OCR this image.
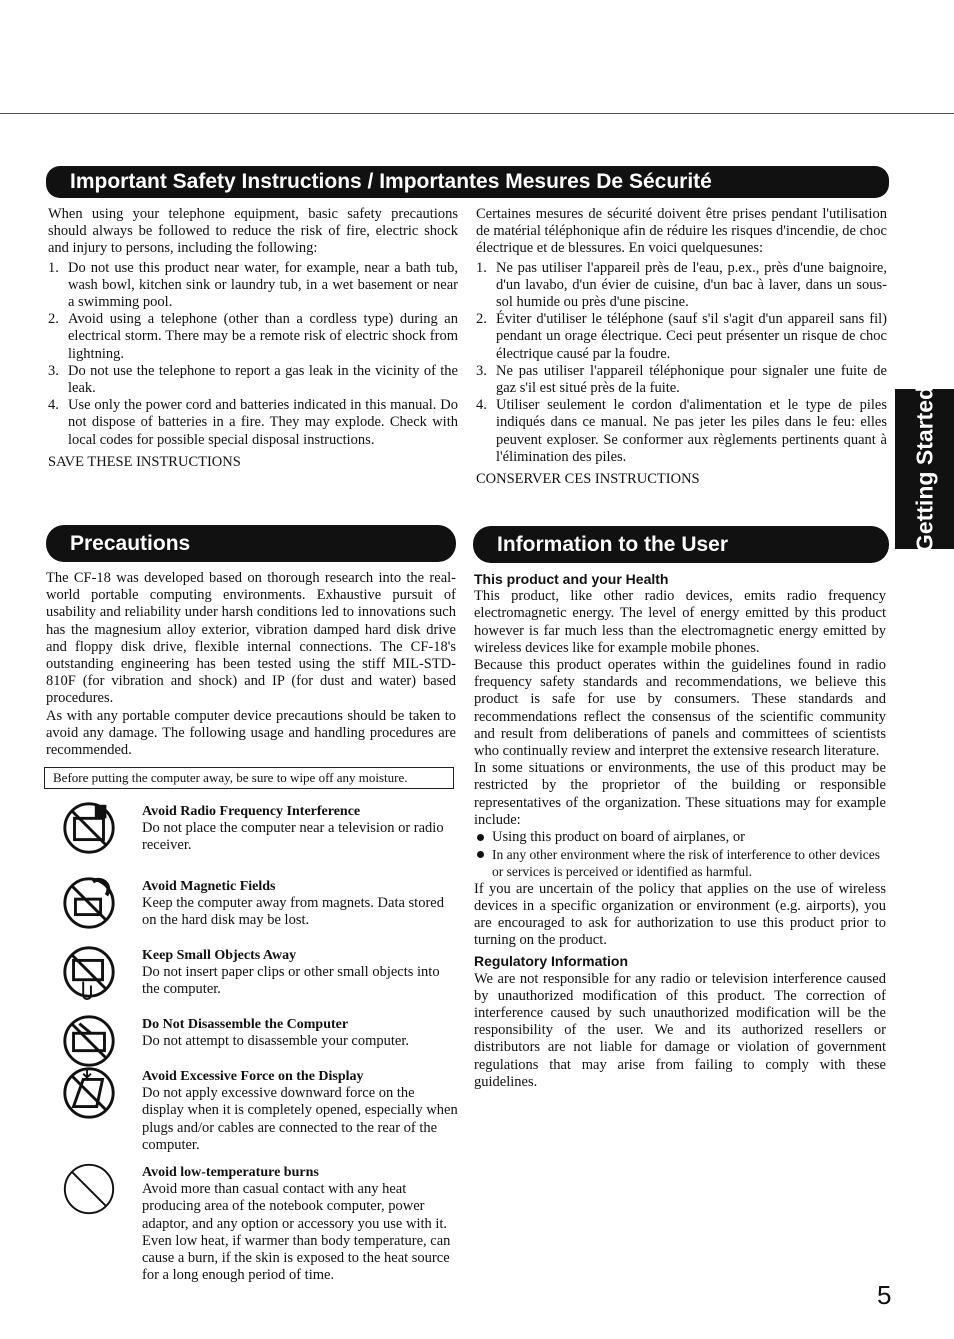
Important Safety Instructions / Importantes Mesures De Sécurité

When using your telephone equipment, basic safety precautions should always be followed to reduce the risk of fire, electric shock and injury to persons, including the following:

1. Do not use this product near water, for example, near a bath tub, wash bowl, kitchen sink or laundry tub, in a wet basement or near a swimming pool.
2. Avoid using a telephone (other than a cordless type) during an electrical storm. There may be a remote risk of electric shock from lightning.
3. Do not use the telephone to report a gas leak in the vicinity of the leak.
4. Use only the power cord and batteries indicated in this manual. Do not dispose of batteries in a fire. They may explode. Check with local codes for possible special disposal instructions.

SAVE THESE INSTRUCTIONS

Certaines mesures de sécurité doivent être prises pendant l'utilisation de matérial téléphonique afin de réduire les risques d'incendie, de choc électrique et de blessures. En voici quelquesunes:

1. Ne pas utiliser l'appareil près de l'eau, p.ex., près d'une baignoire, d'un lavabo, d'un évier de cuisine, d'un bac à laver, dans un sous-sol humide ou près d'une piscine.
2. Éviter d'utiliser le téléphone (sauf s'il s'agit d'un appareil sans fil) pendant un orage électrique. Ceci peut présenter un risque de choc électrique causé par la foudre.
3. Ne pas utiliser l'appareil téléphonique pour signaler une fuite de gaz s'il est situé près de la fuite.
4. Utiliser seulement le cordon d'alimentation et le type de piles indiqués dans ce manual. Ne pas jeter les piles dans le feu: elles peuvent exploser. Se conformer aux règlements pertinents quant à l'élimination des piles.

CONSERVER CES INSTRUCTIONS

Precautions

The CF-18 was developed based on thorough research into the real-world portable computing environments. Exhaustive pursuit of usability and reliability under harsh conditions led to innovations such has the magnesium alloy exterior, vibration damped hard disk drive and floppy disk drive, flexible internal connections. The CF-18's outstanding engineering has been tested using the stiff MIL-STD- 810F (for vibration and shock) and IP (for dust and water) based procedures.

As with any portable computer device precautions should be taken to avoid any damage. The following usage and handling procedures are recommended.

Before putting the computer away, be sure to wipe off any moisture.
Avoid Radio Frequency Interference
Do not place the computer near a television or radio receiver.
Avoid Magnetic Fields
Keep the computer away from magnets. Data stored on the hard disk may be lost.
Keep Small Objects Away
Do not insert paper clips or other small objects into the computer.
Do Not Disassemble the Computer
Do not attempt to disassemble your computer.
Avoid Excessive Force on the Display
Do not apply excessive downward force on the display when it is completely opened, especially when plugs and/or cables are connected to the rear of the computer.
Avoid low-temperature burns
Avoid more than casual contact with any heat producing area of the notebook computer, power adaptor, and any option or accessory you use with it. Even low heat, if warmer than body temperature, can cause a burn, if the skin is exposed to the heat source for a long enough period of time.
Information to the User
This product and your Health

This product, like other radio devices, emits radio frequency electromagnetic energy. The level of energy emitted by this product however is far much less than the electromagnetic energy emitted by wireless devices like for example mobile phones.

Because this product operates within the guidelines found in radio frequency safety standards and recommendations, we believe this product is safe for use by consumers. These standards and recommendations reflect the consensus of the scientific community and result from deliberations of panels and committees of scientists who continually review and interpret the extensive research literature.

In some situations or environments, the use of this product may be restricted by the proprietor of the building or responsible representatives of the organization. These situations may for example include:

Using this product on board of airplanes, or
In any other environment where the risk of interference to other devices or services is perceived or identified as harmful.

If you are uncertain of the policy that applies on the use of wireless devices in a specific organization or environment (e.g. airports), you are encouraged to ask for authorization to use this product prior to turning on the product.

Regulatory Information

We are not responsible for any radio or television interference caused by unauthorized modification of this product. The correction of interference caused by such unauthorized modification will be the responsibility of the user. We and its authorized resellers or distributors are not liable for damage or violation of government regulations that may arise from failing to comply with these guidelines.

Getting Started
5
